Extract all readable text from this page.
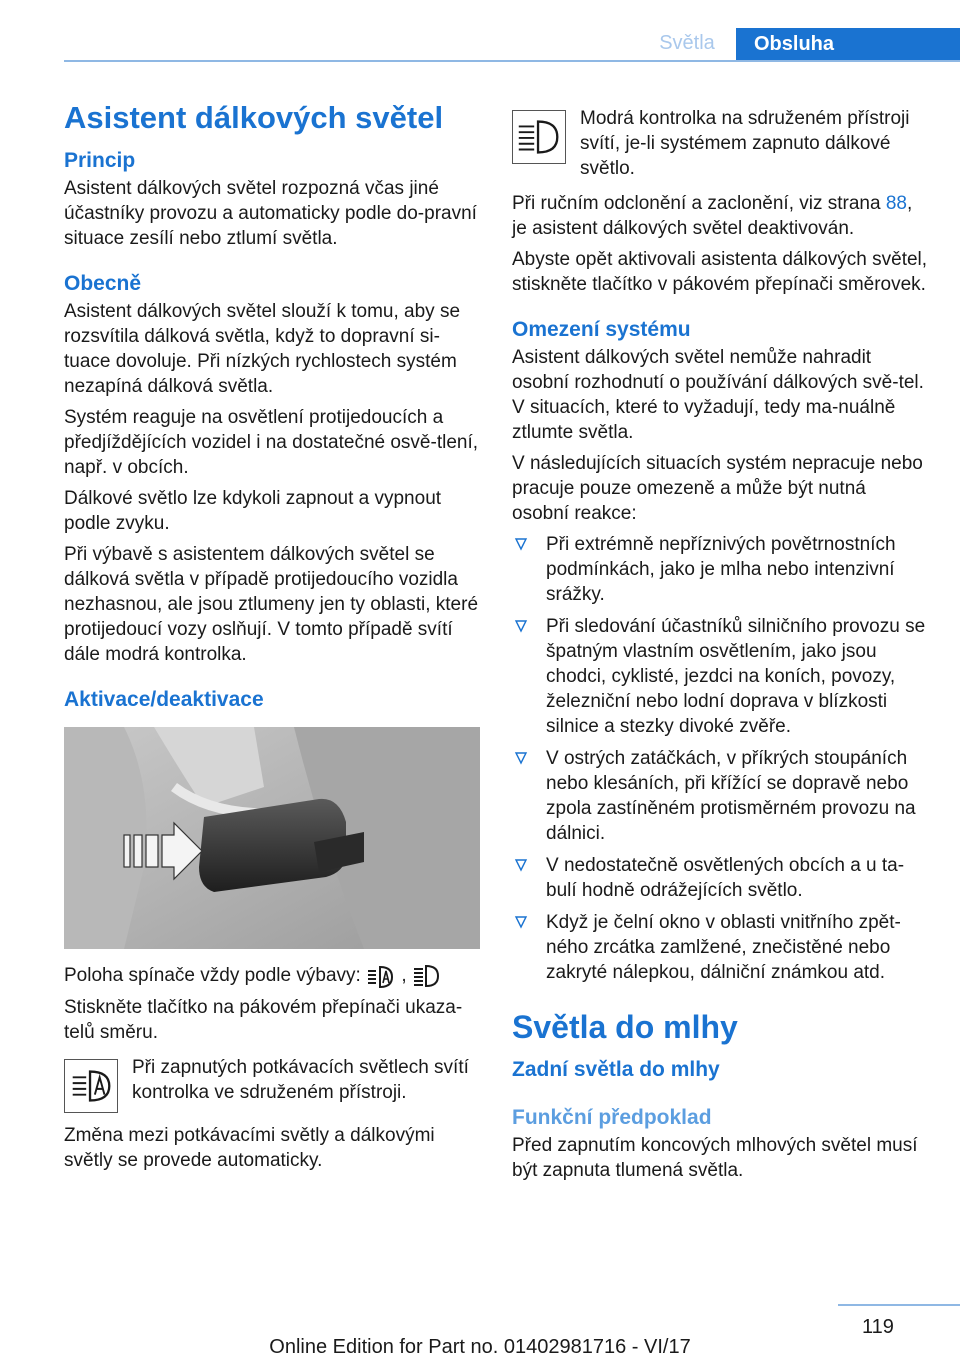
Světla	Obsluha
Asistent dálkových světel
Princip

Asistent dálkových světel rozpozná včas jiné účastníky provozu a automaticky podle do-pravní situace zesílí nebo ztlumí světla.

Obecně

Asistent dálkových světel slouží k tomu, aby se rozsvítila dálková světla, když to dopravní si-tuace dovoluje. Při nízkých rychlostech systém nezapíná dálková světla.

Systém reaguje na osvětlení protijedoucích a předjíždějících vozidel i na dostatečné osvě-tlení, např. v obcích.

Dálkové světlo lze kdykoli zapnout a vypnout podle zvyku.

Při výbavě s asistentem dálkových světel se dálková světla v případě protijedoucího vozidla nezhasnou, ale jsou ztlumeny jen ty oblasti, které protijedoucí vozy oslňují. V tomto případě svítí dále modrá kontrolka.

Aktivace/deaktivace

Poloha spínače vždy podle výbavy: ,

Stiskněte tlačítko na pákovém přepínači ukaza-telů směru.

Při zapnutých potkávacích světlech svítí kontrolka ve sdruženém přístroji.

Změna mezi potkávacími světly a dálkovými světly se provede automaticky.

Modrá kontrolka na sdruženém přístroji svítí, je-li systémem zapnuto dálkové světlo.

Při ručním odclonění a zaclonění, viz strana 88, je asistent dálkových světel deaktivován.

Abyste opět aktivovali asistenta dálkových světel, stiskněte tlačítko v pákovém přepínači směrovek.

Omezení systému

Asistent dálkových světel nemůže nahradit osobní rozhodnutí o používání dálkových svě-tel. V situacích, které to vyžadují, tedy ma-nuálně ztlumte světla.

V následujících situacích systém nepracuje nebo pracuje pouze omezeně a může být nutná osobní reakce:

Při extrémně nepříznivých povětrnostních podmínkách, jako je mlha nebo intenzivní srážky.
Při sledování účastníků silničního provozu se špatným vlastním osvětlením, jako jsou chodci, cyklisté, jezdci na koních, povozy, železniční nebo lodní doprava v blízkosti silnice a stezky divoké zvěře.
V ostrých zatáčkách, v příkrých stoupáních nebo klesáních, při křížící se dopravě nebo zpola zastíněném protisměrném provozu na dálnici.
V nedostatečně osvětlených obcích a u ta-bulí hodně odrážejících světlo.
Když je čelní okno v oblasti vnitřního zpět-ného zrcátka zamlžené, znečistěné nebo zakryté nálepkou, dálniční známkou atd.
Světla do mlhy
Zadní světla do mlhy
Funkční předpoklad

Před zapnutím koncových mlhových světel musí být zapnuta tlumená světla.

119
Online Edition for Part no. 01402981716 - VI/17
